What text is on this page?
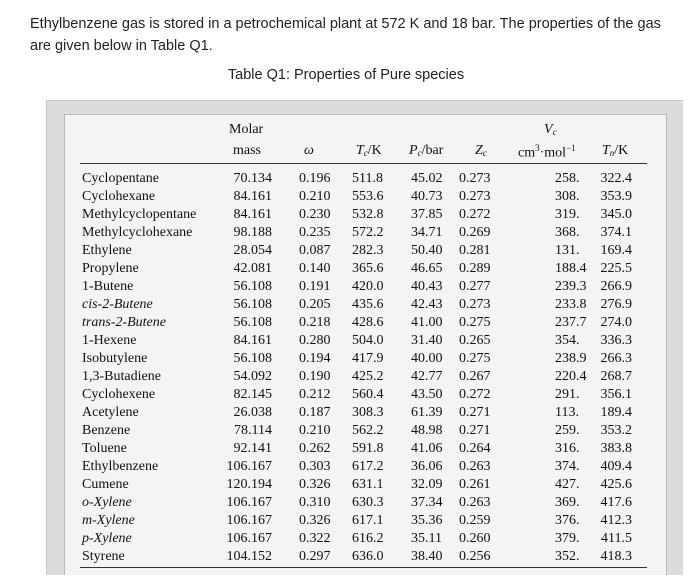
Ethylbenzene gas is stored in a petrochemical plant at 572 K and 18 bar. The properties of the gas are given below in Table Q1.
Table Q1: Properties of Pure species
Molar
mass	ω	$T_c/K$ $P_c$/bar $Z_c$
$V_c$
$cm^3\cdot mol^{-1}$ $T_n/K$
Cyclopentane	70.134 0.196 511.8 45.02 0.273	258.	322.4
Cyclohexane	84.161 0.210 553.6 40.73 0.273	308.	353.9
Methylcyclopentane	84.161 0.230 532.8 37.85 0.272	319.	345.0
Methylcyclohexane	98.188 0.235 572.2 34.71 0.269	368.	374.1
Ethylene	28.054 0.087 282.3 50.40 0.281	131.	169.4
Propylene	42.081 0.140 365.6 46.65 0.289	188.4	225.5
1-Butene	56.108 0.191 420.0 40.43 0.277	239.3	266.9
cis-2-Butene	56.108 0.205 435.6 42.43 0.273	233.8	276.9
trans-2-Butene	56.108 0.218 428.6 41.00 0.275	237.7	274.0
1-Hexene	84.161 0.280 504.0 31.40 0.265	354.	336.3
Isobutylene	56.108 0.194 417.9 40.00 0.275	238.9	266.3
1,3-Butadiene	54.092 0.190 425.2 42.77 0.267	220.4	268.7
Cyclohexene	82.145 0.212 560.4 43.50 0.272	291.	356.1
Acetylene	26.038 0.187 308.3 61.39 0.271	113.	189.4
Benzene	78.114 0.210 562.2 48.98 0.271	259.	353.2
Toluene	92.141 0.262 591.8 41.06 0.264	316.	383.8
Ethylbenzene	106.167 0.303 617.2 36.06 0.263	374.	409.4
Cumene	120.194 0.326 631.1 32.09 0.261	427.	425.6
o-Xylene	106.167 0.310 630.3 37.34 0.263	369.	417.6
m-Xylene	106.167 0.326 617.1 35.36 0.259	376.	412.3
p-Xylene	106.167 0.322 616.2 35.11 0.260	379.	411.5
Styrene	104.152 0.297 636.0 38.40 0.256	352.	418.3
